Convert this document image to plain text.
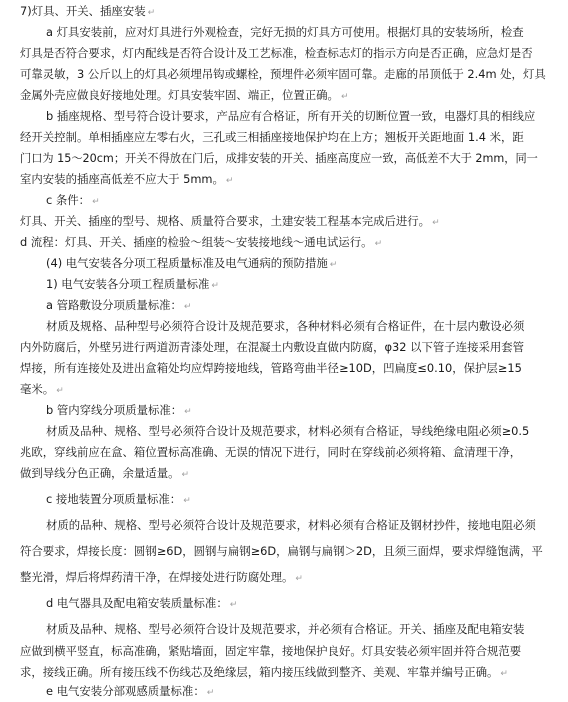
7)灯具、开关、插座安装 ↵
a 灯具安装前，应对灯具进行外观检查，完好无损的灯具方可使用。根据灯具的安装场所，检查
灯具是否符合要求，灯内配线是否符合设计及工艺标准，检查标志灯的指示方向是否正确，应急灯是否
可靠灵敏，3 公斤以上的灯具必须埋吊钩或螺栓，预埋件必须牢固可靠。走廊的吊顶低于 2.4m 处，灯具
金属外壳应做良好接地处理。灯具安装牢固、端正，位置正确。 ↵
b 插座规格、型号符合设计要求，产品应有合格证，所有开关的切断位置一致，电器灯具的相线应
经开关控制。单相插座应左零右火，三孔或三相插座接地保护均在上方；翘板开关距地面 1.4 米，距
门口为 15～20cm；开关不得放在门后，成排安装的开关、插座高度应一致，高低差不大于 2mm，同一
室内安装的插座高低差不应大于 5mm。 ↵
c 条件： ↵
灯具、开关、插座的型号、规格、质量符合要求，土建安装工程基本完成后进行。 ↵
d 流程：灯具、开关、插座的检验～组装～安装接地线～通电试运行。 ↵
(4) 电气安装各分项工程质量标准及电气通病的预防措施 ↵
1) 电气安装各分项工程质量标准 ↵
a 管路敷设分项质量标准： ↵
材质及规格、品种型号必须符合设计及规范要求，各种材料必须有合格证件，在十层内敷设必须
内外防腐后，外壁另进行两道沥青漆处理，在混凝土内敷设直做内防腐，φ32 以下管子连接采用套管
焊接，所有连接处及进出盒箱处均应焊跨接地线，管路弯曲半径≥10D，凹扁度≤0.10，保护层≥15
毫米。 ↵
b 管内穿线分项质量标准： ↵
材质及品种、规格、型号必须符合设计及规范要求，材料必须有合格证，导线绝缘电阻必须≥0.5
兆欧，穿线前应在盒、箱位置标高准确、无误的情况下进行，同时在穿线前必须将箱、盒清理干净，
做到导线分色正确，余量适量。 ↵
c 接地装置分项质量标准： ↵
材质的品种、规格、型号必须符合设计及规范要求，材料必须有合格证及钢材抄件，接地电阻必须
符合要求，焊接长度：圆钢≥6D，圆钢与扁钢≥6D，扁钢与扁钢＞2D，且须三面焊，要求焊缝饱满，平
整光滑，焊后将焊药清干净，在焊接处进行防腐处理。 ↵
d 电气器具及配电箱安装质量标准： ↵
材质及品种、规格、型号必须符合设计及规范要求，并必须有合格证。开关、插座及配电箱安装
应做到横平竖直，标高准确，紧贴墙面，固定牢靠，接地保护良好。灯具安装必须牢固并符合规范要
求，接线正确。所有接压线不伤线芯及绝缘层，箱内接压线做到整齐、美观、牢靠并编号正确。 ↵
e 电气安装分部观感质量标准： ↵
